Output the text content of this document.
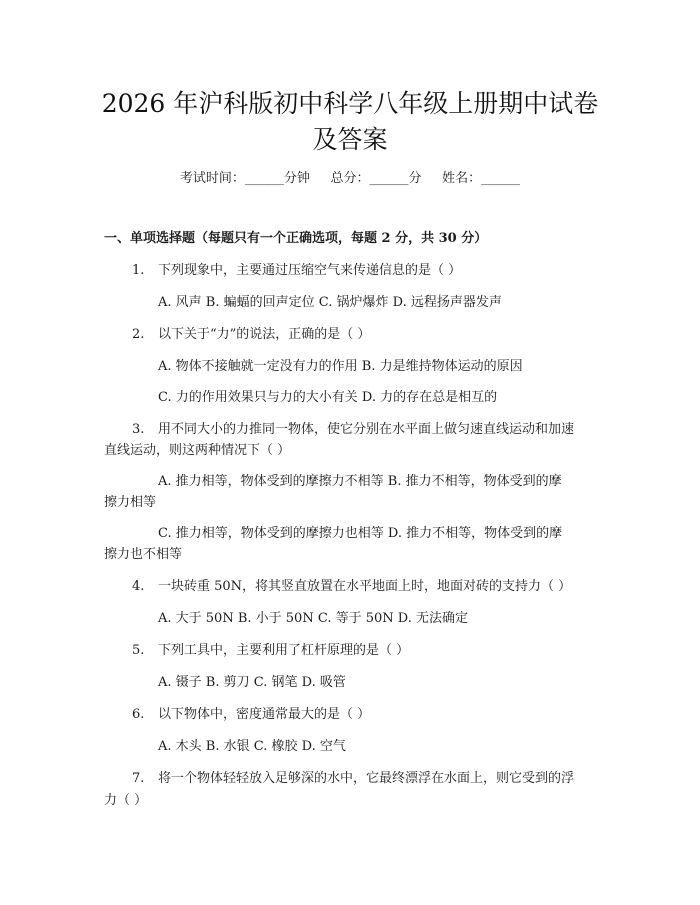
2026 年沪科版初中科学八年级上册期中试卷
及答案
考试时间：______分钟     总分：______分     姓名：______
一、单项选择题（每题只有一个正确选项，每题 2 分，共 30 分）
1. 下列现象中，主要通过压缩空气来传递信息的是（ ）
A. 风声 B. 蝙蝠的回声定位 C. 锅炉爆炸 D. 远程扬声器发声
2. 以下关于“力”的说法，正确的是（ ）
A. 物体不接触就一定没有力的作用 B. 力是维持物体运动的原因
C. 力的作用效果只与力的大小有关 D. 力的存在总是相互的
3. 用不同大小的力推同一物体，使它分别在水平面上做匀速直线运动和加速
直线运动，则这两种情况下（ ）
A. 推力相等，物体受到的摩擦力不相等 B. 推力不相等，物体受到的摩
擦力相等
C. 推力相等，物体受到的摩擦力也相等 D. 推力不相等，物体受到的摩
擦力也不相等
4. 一块砖重 50N，将其竖直放置在水平地面上时，地面对砖的支持力（ ）
A. 大于 50N B. 小于 50N C. 等于 50N D. 无法确定
5. 下列工具中，主要利用了杠杆原理的是（ ）
A. 镊子 B. 剪刀 C. 钢笔 D. 吸管
6. 以下物体中，密度通常最大的是（ ）
A. 木头 B. 水银 C. 橡胶 D. 空气
7. 将一个物体轻轻放入足够深的水中，它最终漂浮在水面上，则它受到的浮
力（ ）
